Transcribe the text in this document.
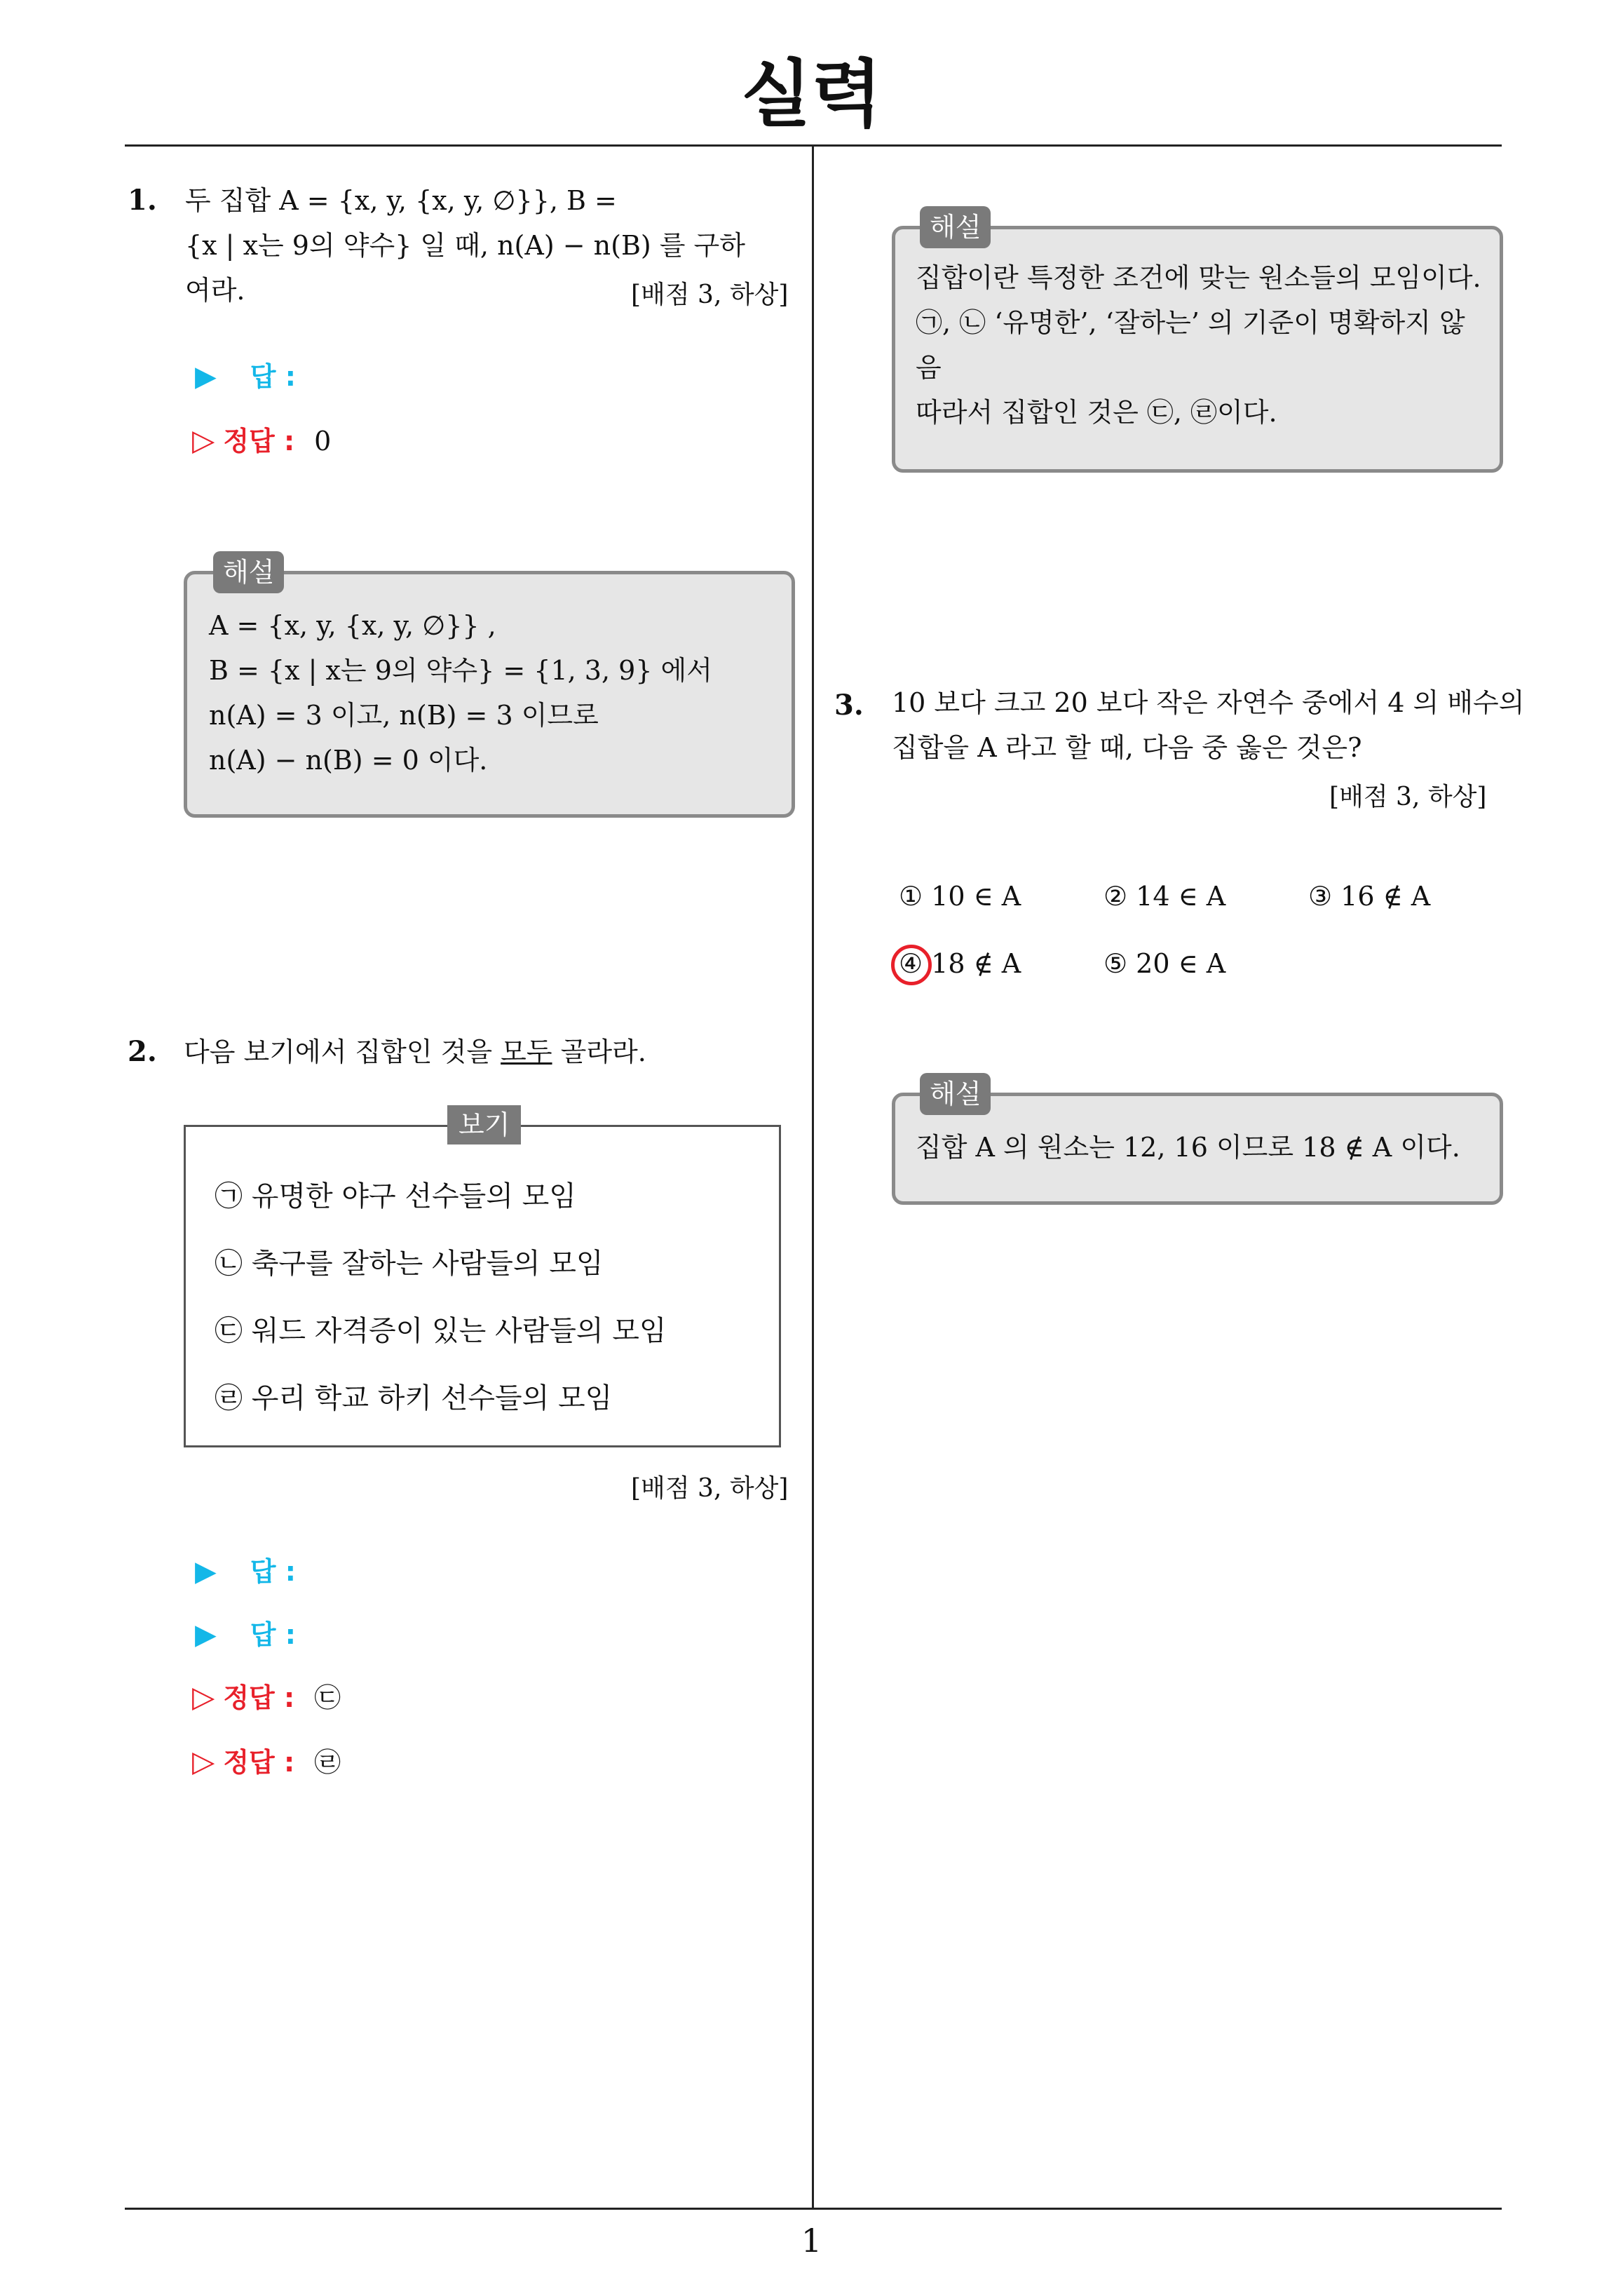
실력
1. 두 집합 A = {x, y, {x, y, ∅}}, B =
{x | x는 9의 약수} 일 때, n(A) − n(B) 를 구하
여라.	[배점 3, 하상]
▶ 답 :
▷ 정답 : 0
해설
A = {x, y, {x, y, ∅}} ,
B = {x | x는 9의 약수} = {1, 3, 9} 에서
n(A) = 3 이고, n(B) = 3 이므로
n(A) − n(B) = 0 이다.
2. 다음 보기에서 집합인 것을 모두 골라라.
보기
㉠ 유명한 야구 선수들의 모임
㉡ 축구를 잘하는 사람들의 모임
㉢ 워드 자격증이 있는 사람들의 모임
㉣ 우리 학교 하키 선수들의 모임
[배점 3, 하상]
▶ 답 :
▶ 답 :
▷ 정답 : ㉢
▷ 정답 : ㉣
해설
집합이란 특정한 조건에 맞는 원소들의 모임이다.
㉠, ㉡ ‘유명한’, ‘잘하는’ 의 기준이 명확하지 않
음
따라서 집합인 것은 ㉢, ㉣이다.
3. 10 보다 크고 20 보다 작은 자연수 중에서 4 의 배수의
집합을 A 라고 할 때, 다음 중 옳은 것은?
[배점 3, 하상]
① 10 ∈ A	② 14 ∈ A	③ 16 ∉ A
④ 18 ∉ A	⑤ 20 ∈ A
해설
집합 A 의 원소는 12, 16 이므로 18 ∉ A 이다.
1
